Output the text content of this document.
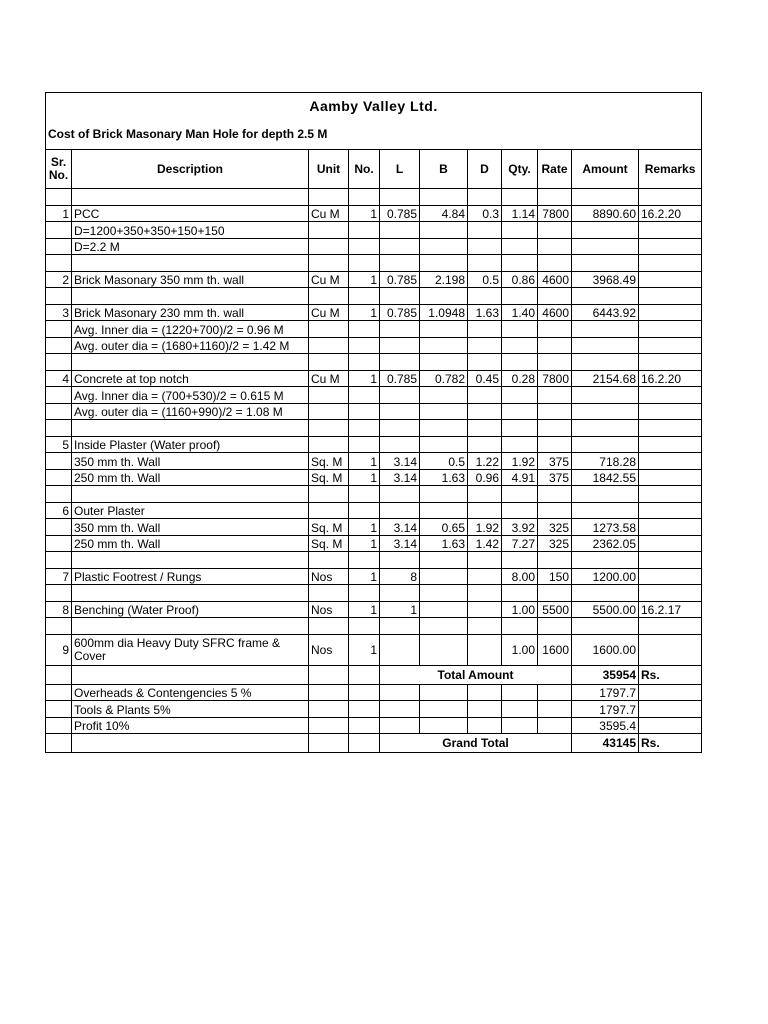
Aamby Valley Ltd.										
Cost of Brick Masonary Man Hole for depth 2.5 M										
Sr. No.	Description	Unit	No.	L	B	D	Qty.	Rate	Amount	Remarks

1	PCC	Cu M	1	0.785	4.84	0.3	1.14	7800	8890.60	16.2.20
	D=1200+350+350+150+150									
	D=2.2 M									

2	Brick Masonary 350 mm th. wall	Cu M	1	0.785	2.198	0.5	0.86	4600	3968.49	

3	Brick Masonary 230 mm th. wall	Cu M	1	0.785	1.0948	1.63	1.40	4600	6443.92	
	Avg. Inner dia = (1220+700)/2 = 0.96 M									
	Avg. outer dia = (1680+1160)/2 = 1.42 M									

4	Concrete at top notch	Cu M	1	0.785	0.782	0.45	0.28	7800	2154.68	16.2.20
	Avg. Inner dia = (700+530)/2 = 0.615 M									
	Avg. outer dia = (1160+990)/2 = 1.08 M									

5	Inside Plaster (Water proof)									
	350 mm th. Wall	Sq. M	1	3.14	0.5	1.22	1.92	375	718.28	
	250 mm th. Wall	Sq. M	1	3.14	1.63	0.96	4.91	375	1842.55	

6	Outer Plaster									
	350 mm th. Wall	Sq. M	1	3.14	0.65	1.92	3.92	325	1273.58	
	250 mm th. Wall	Sq. M	1	3.14	1.63	1.42	7.27	325	2362.05	

7	Plastic Footrest / Rungs	Nos	1	8			8.00	150	1200.00	

8	Benching (Water Proof)	Nos	1	1			1.00	5500	5500.00	16.2.17

9	600mm dia Heavy Duty SFRC frame & Cover	Nos	1				1.00	1600	1600.00	
				Total Amount					35954	Rs.
	Overheads & Contengencies 5 %								1797.7	
	Tools & Plants 5%								1797.7	
	Profit 10%								3595.4	
				Grand Total					43145	Rs.
